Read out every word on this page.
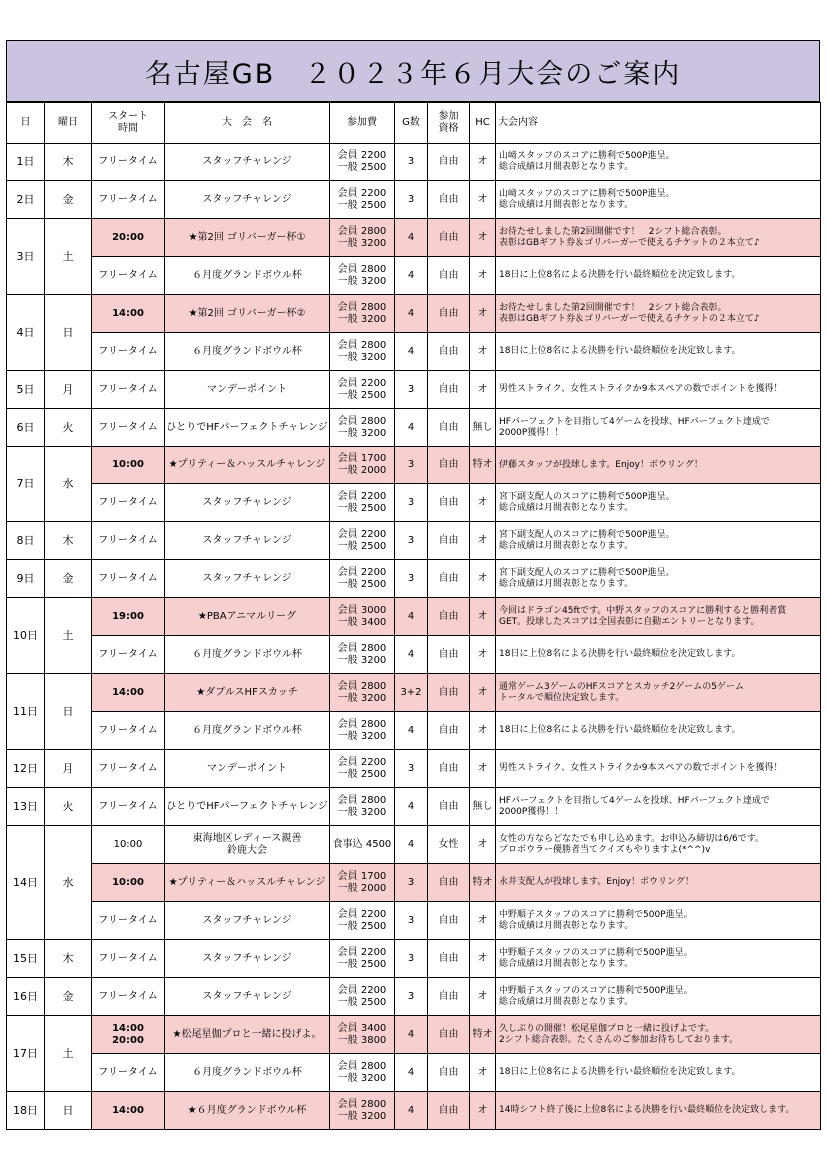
名古屋GB　２０２３年６月大会のご案内
日	曜日	スタート
時間	大　会　名	参加費	G数	参加
資格	HC	大会内容
1日	木	フリータイム	スタッフチャレンジ	会員 2200
一般 2500	3	自由	オ	山﨑スタッフのスコアに勝利で500P進呈。
総合成績は月間表彰となります。

2日	金	フリータイム	スタッフチャレンジ	会員 2200
一般 2500	3	自由	オ	山﨑スタッフのスコアに勝利で500P進呈。
総合成績は月間表彰となります。

3日	土	20:00	★第2回 ゴリバーガー杯①	会員 2800
一般 3200	4	自由	オ	お待たせしました第2回開催です！　2シフト総合表彰。
表彰はGBギフト券＆ゴリバーガーで使えるチケットの２本立て♪

		フリータイム	６月度グランドボウル杯	会員 2800
一般 3200	4	自由	オ	18日に上位8名による決勝を行い最終順位を決定致します。

4日	日	14:00	★第2回 ゴリバーガー杯②	会員 2800
一般 3200	4	自由	オ	お待たせしました第2回開催です！　2シフト総合表彰。
表彰はGBギフト券＆ゴリバーガーで使えるチケットの２本立て♪

		フリータイム	６月度グランドボウル杯	会員 2800
一般 3200	4	自由	オ	18日に上位8名による決勝を行い最終順位を決定致します。

5日	月	フリータイム	マンデーポイント	会員 2200
一般 2500	3	自由	オ	男性ストライク、女性ストライクか9本スペアの数でポイントを獲得！

6日	火	フリータイム	ひとりでHFパーフェクトチャレンジ	会員 2800
一般 3200	4	自由	無し	HFパーフェクトを目指して4ゲームを投球、HFパーフェクト達成で
2000P獲得！！

7日	水	10:00	★プリティー＆ハッスルチャレンジ	会員 1700
一般 2000	3	自由	特オ	伊藤スタッフが投球します。Enjoy！ボウリング！

		フリータイム	スタッフチャレンジ	会員 2200
一般 2500	3	自由	オ	宮下副支配人のスコアに勝利で500P進呈。
総合成績は月間表彰となります。

8日	木	フリータイム	スタッフチャレンジ	会員 2200
一般 2500	3	自由	オ	宮下副支配人のスコアに勝利で500P進呈。
総合成績は月間表彰となります。

9日	金	フリータイム	スタッフチャレンジ	会員 2200
一般 2500	3	自由	オ	宮下副支配人のスコアに勝利で500P進呈。
総合成績は月間表彰となります。

10日	土	19:00	★PBAアニマルリーグ	会員 3000
一般 3400	4	自由	オ	今回はドラゴン45ftです。中野スタッフのスコアに勝利すると勝利者賞
GET。投球したスコアは全国表彰に自動エントリーとなります。

		フリータイム	６月度グランドボウル杯	会員 2800
一般 3200	4	自由	オ	18日に上位8名による決勝を行い最終順位を決定致します。

11日	日	14:00	★ダブルスHFスカッチ	会員 2800
一般 3200	3+2	自由	オ	通常ゲーム3ゲームのHFスコアとスカッチ2ゲームの5ゲーム
トータルで順位決定致します。

		フリータイム	６月度グランドボウル杯	会員 2800
一般 3200	4	自由	オ	18日に上位8名による決勝を行い最終順位を決定致します。

12日	月	フリータイム	マンデーポイント	会員 2200
一般 2500	3	自由	オ	男性ストライク、女性ストライクか9本スペアの数でポイントを獲得！

13日	火	フリータイム	ひとりでHFパーフェクトチャレンジ	会員 2800
一般 3200	4	自由	無し	HFパーフェクトを目指して4ゲームを投球、HFパーフェクト達成で
2000P獲得！！

14日	水	10:00	東海地区レディース親善
鈴鹿大会	食事込 4500	4	女性	オ	女性の方ならどなたでも申し込めます。お申込み締切は6/6です。
プロボウラー優勝者当てクイズもやりますよ(*^^)v

		10:00	★プリティー＆ハッスルチャレンジ	会員 1700
一般 2000	3	自由	特オ	永井支配人が投球します。Enjoy！ボウリング！

		フリータイム	スタッフチャレンジ	会員 2200
一般 2500	3	自由	オ	中野順子スタッフのスコアに勝利で500P進呈。
総合成績は月間表彰となります。

15日	木	フリータイム	スタッフチャレンジ	会員 2200
一般 2500	3	自由	オ	中野順子スタッフのスコアに勝利で500P進呈。
総合成績は月間表彰となります。

16日	金	フリータイム	スタッフチャレンジ	会員 2200
一般 2500	3	自由	オ	中野順子スタッフのスコアに勝利で500P進呈。
総合成績は月間表彰となります。

17日	土	14:00
20:00	★松尾星伽プロと一緒に投げよ。	会員 3400
一般 3800	4	自由	特オ	久しぶりの開催！松尾星伽プロと一緒に投げよです。
2シフト総合表彰。たくさんのご参加お待ちしております。

		フリータイム	６月度グランドボウル杯	会員 2800
一般 3200	4	自由	オ	18日に上位8名による決勝を行い最終順位を決定致します。

18日	日	14:00	★６月度グランドボウル杯	会員 2800
一般 3200	4	自由	オ	14時シフト終了後に上位8名による決勝を行い最終順位を決定致します。
